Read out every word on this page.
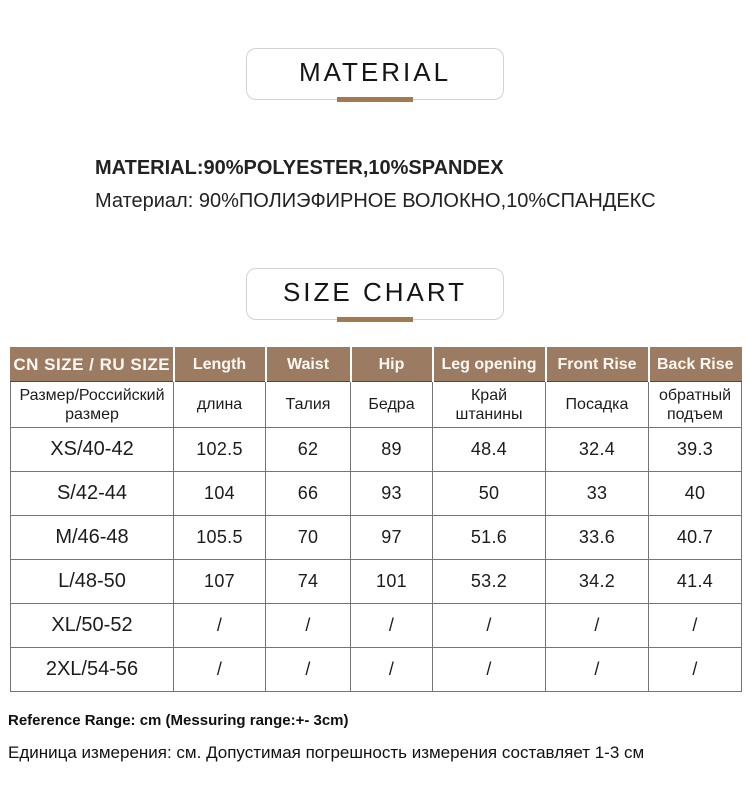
MATERIAL
MATERIAL:90%POLYESTER,10%SPANDEX
Материал: 90%ПОЛИЭФИРНОЕ ВОЛОКНО,10%СПАНДЕКС
SIZE CHART
CN SIZE / RU SIZE	Length	Waist	Hip	Leg opening	Front Rise	Back Rise
Размер/Российский размер	длина	Талия	Бедра	Край штанины	Посадка	обратный подъем
XS/40-42	102.5	62	89	48.4	32.4	39.3
S/42-44	104	66	93	50	33	40
M/46-48	105.5	70	97	51.6	33.6	40.7
L/48-50	107	74	101	53.2	34.2	41.4
XL/50-52	/	/	/	/	/	/
2XL/54-56	/	/	/	/	/	/
Reference Range: cm (Messuring range:+- 3cm)
Единица измерения: см. Допустимая погрешность измерения составляет 1-3 см
